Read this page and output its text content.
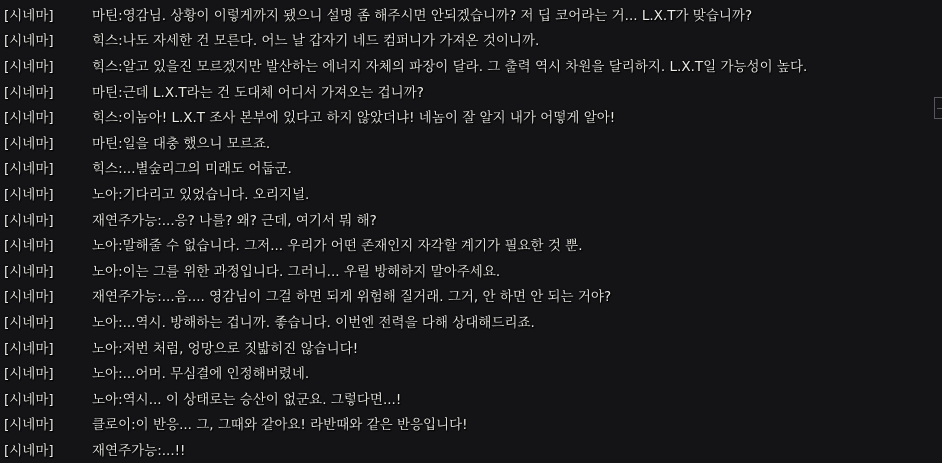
[시네마]	마틴:영감님. 상황이 이렇게까지 됐으니 설명 좀 해주시면 안되겠습니까? 저 딥 코어라는 거... L.X.T가 맞습니까?
[시네마]	힉스:나도 자세한 건 모른다. 어느 날 갑자기 네드 컴퍼니가 가져온 것이니까.
[시네마]	힉스:알고 있을진 모르겠지만 발산하는 에너지 자체의 파장이 달라. 그 출력 역시 차원을 달리하지. L.X.T일 가능성이 높다.
[시네마]	마틴:근데 L.X.T라는 건 도대체 어디서 가져오는 겁니까?
[시네마]	힉스:이놈아! L.X.T 조사 본부에 있다고 하지 않았더냐! 네놈이 잘 알지 내가 어떻게 알아!
[시네마]	마틴:일을 대충 했으니 모르죠.
[시네마]	힉스:...별숲리그의 미래도 어둡군.
[시네마]	노아:기다리고 있었습니다. 오리지널.
[시네마]	재연주가능:...응? 나를? 왜? 근데, 여기서 뭐 해?
[시네마]	노아:말해줄 수 없습니다. 그저... 우리가 어떤 존재인지 자각할 계기가 필요한 것 뿐.
[시네마]	노아:이는 그를 위한 과정입니다. 그러니... 우릴 방해하지 말아주세요.
[시네마]	재연주가능:...음.... 영감님이 그걸 하면 되게 위험해 질거래. 그거, 안 하면 안 되는 거야?
[시네마]	노아:...역시. 방해하는 겁니까. 좋습니다. 이번엔 전력을 다해 상대해드리죠.
[시네마]	노아:저번 처럼, 엉망으로 짓밟히진 않습니다!
[시네마]	노아:...어머. 무심결에 인정해버렸네.
[시네마]	노아:역시... 이 상태로는 승산이 없군요. 그렇다면...!
[시네마]	클로이:이 반응... 그, 그때와 같아요! 라반때와 같은 반응입니다!
[시네마]	재연주가능:...!!
